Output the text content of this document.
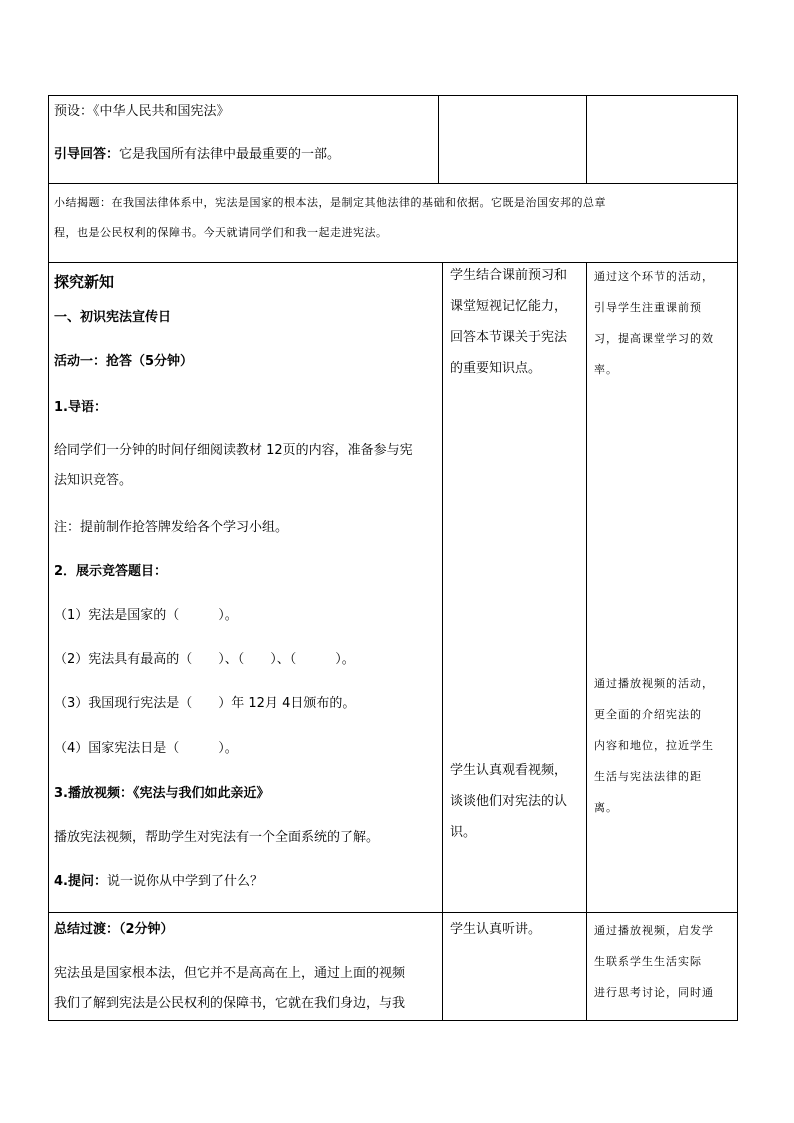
预设：《中华人民共和国宪法》
引导回答：它是我国所有法律中最最重要的一部。
小结揭题：在我国法律体系中，宪法是国家的根本法，是制定其他法律的基础和依据。它既是治国安邦的总章
程，也是公民权利的保障书。今天就请同学们和我一起走进宪法。
探究新知
一、初识宪法宣传日
活动一：抢答（5分钟）
1.导语：
给同学们一分钟的时间仔细阅读教材 12页的内容，准备参与宪
法知识竞答。
注：提前制作抢答牌发给各个学习小组。
2．展示竞答题目：
（1）宪法是国家的（　　　）。
（2）宪法具有最高的（　　）、（　　）、（　　　）。
（3）我国现行宪法是（　　）年 12月 4日颁布的。
（4）国家宪法日是（　　　）。
3.播放视频：《宪法与我们如此亲近》
播放宪法视频，帮助学生对宪法有一个全面系统的了解。
4.提问：说一说你从中学到了什么？
学生结合课前预习和
课堂短视记忆能力，
回答本节课关于宪法
的重要知识点。
学生认真观看视频，
谈谈他们对宪法的认
识。
通过这个环节的活动，
引导学生注重课前预
习，提高课堂学习的效
率。
通过播放视频的活动，
更全面的介绍宪法的
内容和地位，拉近学生
生活与宪法法律的距
离。
总结过渡：（2分钟）
宪法虽是国家根本法，但它并不是高高在上，通过上面的视频
我们了解到宪法是公民权利的保障书，它就在我们身边，与我
学生认真听讲。	通过播放视频，启发学
生联系学生生活实际
进行思考讨论，同时通
